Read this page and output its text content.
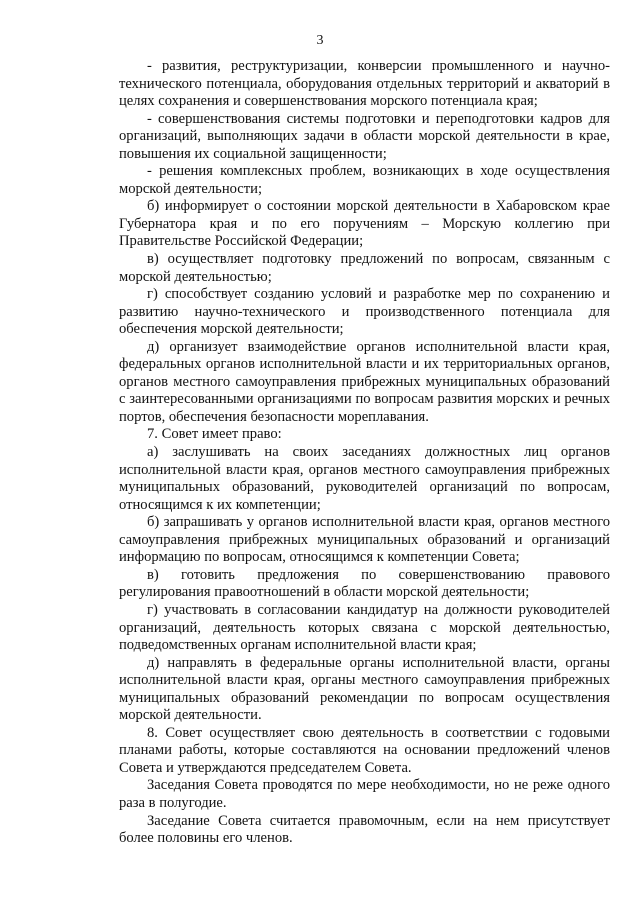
3

- развития, реструктуризации, конверсии промышленного и научно-технического потенциала, оборудования отдельных территорий и акваторий в целях сохранения и совершенствования морского потенциала края;

- совершенствования системы подготовки и переподготовки кадров для организаций, выполняющих задачи в области морской деятельности в крае, повышения их социальной защищенности;

- решения комплексных проблем, возникающих в ходе осуществления морской деятельности;

б) информирует о состоянии морской деятельности в Хабаровском крае Губернатора края и по его поручениям – Морскую коллегию при Правительстве Российской Федерации;

в) осуществляет подготовку предложений по вопросам, связанным с морской деятельностью;

г) способствует созданию условий и разработке мер по сохранению и развитию научно-технического и производственного потенциала для обеспечения морской деятельности;

д) организует взаимодействие органов исполнительной власти края, федеральных органов исполнительной власти и их территориальных органов, органов местного самоуправления прибрежных муниципальных образований с заинтересованными организациями по вопросам развития морских и речных портов, обеспечения безопасности мореплавания.

7. Совет имеет право:

а) заслушивать на своих заседаниях должностных лиц органов исполнительной власти края, органов местного самоуправления прибрежных муниципальных образований, руководителей организаций по вопросам, относящимся к их компетенции;

б) запрашивать у органов исполнительной власти края, органов местного самоуправления прибрежных муниципальных образований и организаций информацию по вопросам, относящимся к компетенции Совета;

в) готовить предложения по совершенствованию правового регулирования правоотношений в области морской деятельности;

г) участвовать в согласовании кандидатур на должности руководителей организаций, деятельность которых связана с морской деятельностью, подведомственных органам исполнительной власти края;

д) направлять в федеральные органы исполнительной власти, органы исполнительной власти края, органы местного самоуправления прибрежных муниципальных образований рекомендации по вопросам осуществления морской деятельности.

8. Совет осуществляет свою деятельность в соответствии с годовыми планами работы, которые составляются на основании предложений членов Совета и утверждаются председателем Совета.

Заседания Совета проводятся по мере необходимости, но не реже одного раза в полугодие.

Заседание Совета считается правомочным, если на нем присутствует более половины его членов.
